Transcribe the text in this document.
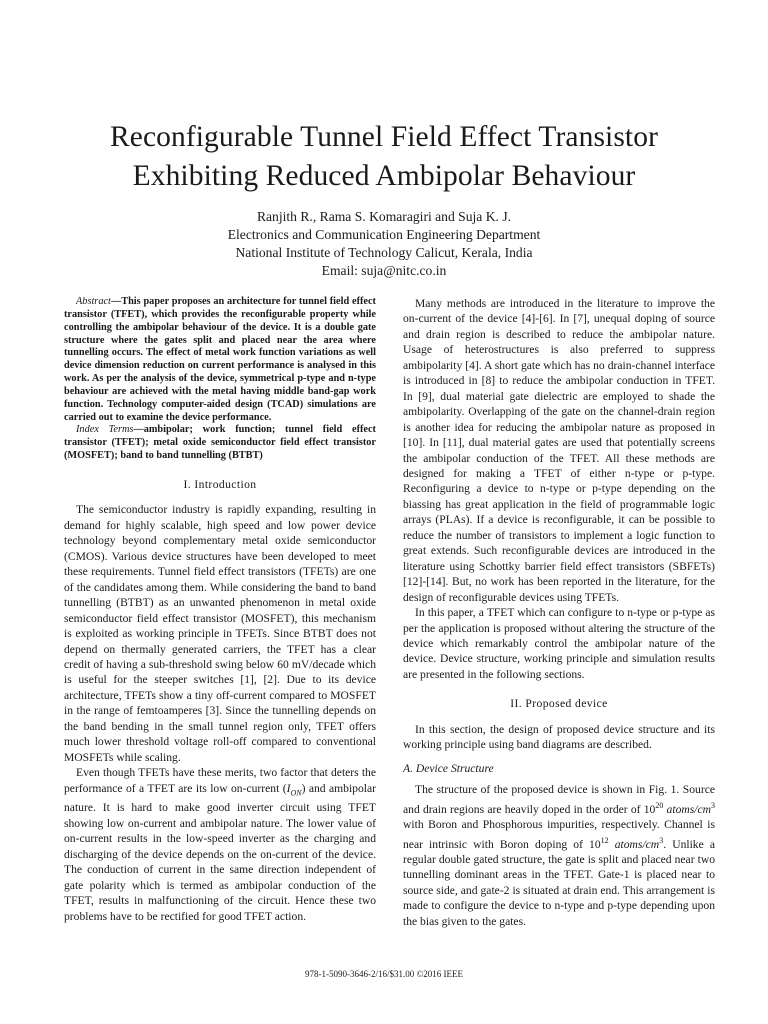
Reconfigurable Tunnel Field Effect Transistor
Exhibiting Reduced Ambipolar Behaviour
Ranjith R., Rama S. Komaragiri and Suja K. J.
Electronics and Communication Engineering Department
National Institute of Technology Calicut, Kerala, India
Email: suja@nitc.co.in

Abstract—This paper proposes an architecture for tunnel field effect transistor (TFET), which provides the reconfigurable property while controlling the ambipolar behaviour of the device. It is a double gate structure where the gates split and placed near the area where tunnelling occurs. The effect of metal work function variations as well device dimension reduction on current performance is analysed in this work. As per the analysis of the device, symmetrical p-type and n-type behaviour are achieved with the metal having middle band-gap work function. Technology computer-aided design (TCAD) simulations are carried out to examine the device performance.

Index Terms—ambipolar; work function; tunnel field effect transistor (TFET); metal oxide semiconductor field effect transistor (MOSFET); band to band tunnelling (BTBT)

I. Introduction

The semiconductor industry is rapidly expanding, resulting in demand for highly scalable, high speed and low power device technology beyond complementary metal oxide semiconductor (CMOS). Various device structures have been developed to meet these requirements. Tunnel field effect transistors (TFETs) are one of the candidates among them. While considering the band to band tunnelling (BTBT) as an unwanted phenomenon in metal oxide semiconductor field effect transistor (MOSFET), this mechanism is exploited as working principle in TFETs. Since BTBT does not depend on thermally generated carriers, the TFET has a clear credit of having a sub-threshold swing below 60 mV/decade which is useful for the steeper switches [1], [2]. Due to its device architecture, TFETs show a tiny off-current compared to MOSFET in the range of femtoamperes [3]. Since the tunnelling depends on the band bending in the small tunnel region only, TFET offers much lower threshold voltage roll-off compared to conventional MOSFETs while scaling.

Even though TFETs have these merits, two factor that deters the performance of a TFET are its low on-current $(I_{ON})$ and ambipolar nature. It is hard to make good inverter circuit using TFET showing low on-current and ambipolar nature. The lower value of on-current results in the low-speed inverter as the charging and discharging of the device depends on the on-current of the device. The conduction of current in the same direction independent of gate polarity which is termed as ambipolar conduction of the TFET, results in malfunctioning of the circuit. Hence these two problems have to be rectified for good TFET action.

Many methods are introduced in the literature to improve the on-current of the device [4]-[6]. In [7], unequal doping of source and drain region is described to reduce the ambipolar nature. Usage of heterostructures is also preferred to suppress ambipolarity [4]. A short gate which has no drain-channel interface is introduced in [8] to reduce the ambipolar conduction in TFET. In [9], dual material gate dielectric are employed to shade the ambipolarity. Overlapping of the gate on the channel-drain region is another idea for reducing the ambipolar nature as proposed in [10]. In [11], dual material gates are used that potentially screens the ambipolar conduction of the TFET. All these methods are designed for making a TFET of either n-type or p-type. Reconfiguring a device to n-type or p-type depending on the biassing has great application in the field of programmable logic arrays (PLAs). If a device is reconfigurable, it can be possible to reduce the number of transistors to implement a logic function to great extends. Such reconfigurable devices are introduced in the literature using Schottky barrier field effect transistors (SBFETs) [12]-[14]. But, no work has been reported in the literature, for the design of reconfigurable devices using TFETs.

In this paper, a TFET which can configure to n-type or p-type as per the application is proposed without altering the structure of the device which remarkably control the ambipolar nature of the device. Device structure, working principle and simulation results are presented in the following sections.

II. Proposed device

In this section, the design of proposed device structure and its working principle using band diagrams are described.

A. Device Structure

The structure of the proposed device is shown in Fig. 1. Source and drain regions are heavily doped in the order of $10^{20}$ atoms/$cm^3$ with Boron and Phosphorous impurities, respectively. Channel is near intrinsic with Boron doping of $10^{12}$ atoms/$cm^3$. Unlike a regular double gated structure, the gate is split and placed near two tunnelling dominant areas in the TFET. Gate-1 is placed near to source side, and gate-2 is situated at drain end. This arrangement is made to configure the device to n-type and p-type depending upon the bias given to the gates.

978-1-5090-3646-2/16/$31.00 ©2016 IEEE
